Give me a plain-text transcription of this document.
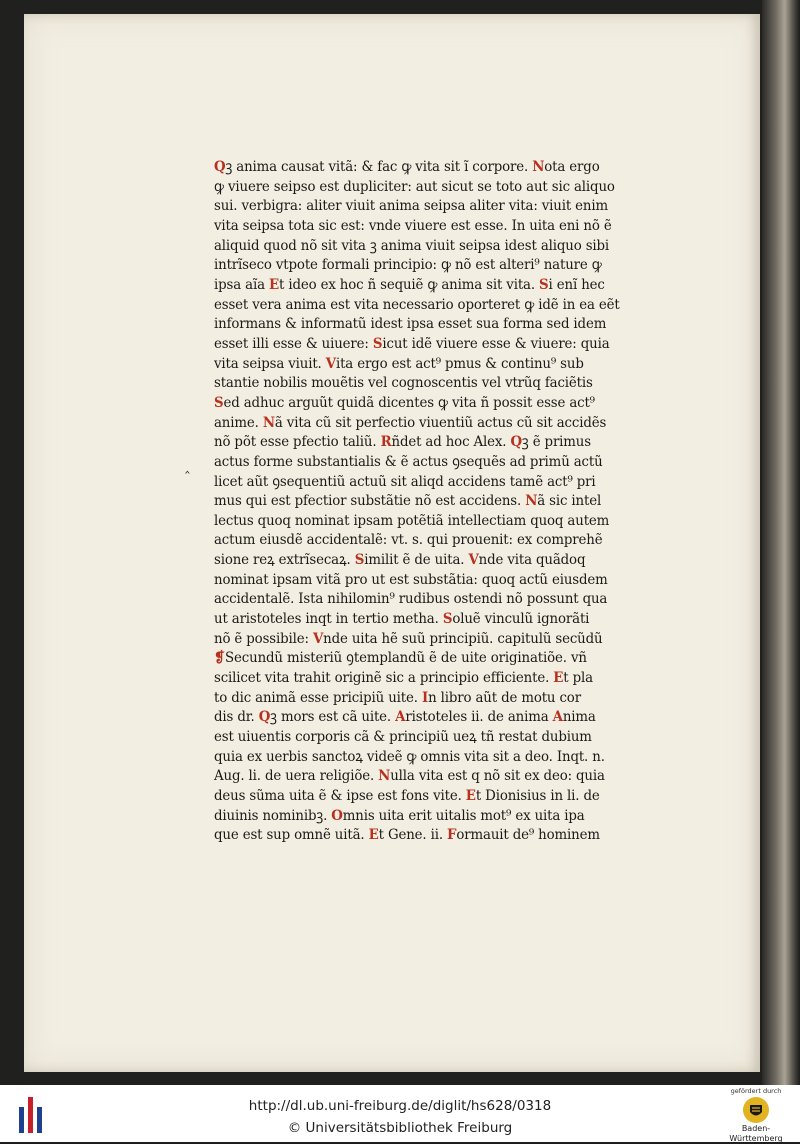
Qꝫ anima causat vitã: & fac ꝙ vita sit ĩ corpore. Nota ergo
ꝙ viuere seipso est dupliciter: aut sicut se toto aut sic aliquo
sui. verbigra: aliter viuit anima seipsa aliter vita: viuit enim
vita seipsa tota sic est: vnde viuere est esse. In uita eni nõ ẽ
aliquid quod nõ sit vita ꝫ anima viuit seipsa idest aliquo sibi
intrĩseco vtpote formali principio: ꝙ nõ est alteri⁹ nature ꝙ
ipsa aĩa Et ideo ex hoc ñ sequiẽ ꝙ anima sit vita. Si enĩ hec
esset vera anima est vita necessario oporteret ꝙ idẽ in ea eẽt
informans & informatũ idest ipsa esset sua forma sed idem
esset illi esse & uiuere: Sicut idẽ viuere esse & viuere: quia
vita seipsa viuit. Vita ergo est act⁹ pmus & continu⁹ sub
stantie nobilis mouẽtis vel cognoscentis vel vtrũq faciẽtis
Sed adhuc arguũt quidã dicentes ꝙ vita ñ possit esse act⁹
anime. Nã vita cũ sit perfectio viuentiũ actus cũ sit accidẽs
nõ põt esse pfectio taliũ. Rñdet ad hoc Alex. Qꝫ ẽ primus
actus forme substantialis & ẽ actus ꝯsequẽs ad primũ actũ
licet aũt ꝯsequentiũ actuũ sit aliqd accidens tamẽ act⁹ pri
mus qui est pfectior substãtie nõ est accidens. Nã sic intel
lectus quoq nominat ipsam potẽtiã intellectiam quoq autem
actum eiusdẽ accidentalẽ: vt. s. qui prouenit: ex comprehẽ
sione reꝝ extrĩsecaꝝ. Similit ẽ de uita. Vnde vita quãdoq
nominat ipsam vitã pro ut est substãtia: quoq actũ eiusdem
accidentalẽ. Ista nihilomin⁹ rudibus ostendi nõ possunt qua
ut aristoteles inqt in tertio metha. Soluẽ vinculũ ignorãti
nõ ẽ possibile: Vnde uita hẽ suũ principiũ. capitulũ secũdũ
❡Secundũ misteriũ ꝯtemplandũ ẽ de uite originatiõe. vñ
scilicet vita trahit originẽ sic a principio efficiente. Et pla
to dic animã esse pricipiũ uite. In libro aũt de motu cor
dis dr. Qꝫ mors est cã uite. Aristoteles ii. de anima Anima
est uiuentis corporis cã & principiũ ueꝝ tñ restat dubium
quia ex uerbis sanctoꝝ videẽ ꝙ omnis vita sit a deo. Inqt. n.
Aug. li. de uera religiõe. Nulla vita est q nõ sit ex deo: quia
deus sũma uita ẽ & ipse est fons vite. Et Dionisius in li. de
diuinis nominibꝫ. Omnis uita erit uitalis mot⁹ ex uita ipa
que est sup omnẽ uitã. Et Gene. ii. Formauit de⁹ hominem
http://dl.ub.uni-freiburg.de/diglit/hs628/0318
© Universitätsbibliothek Freiburg
gefördert durch
Baden-Württemberg
‸
